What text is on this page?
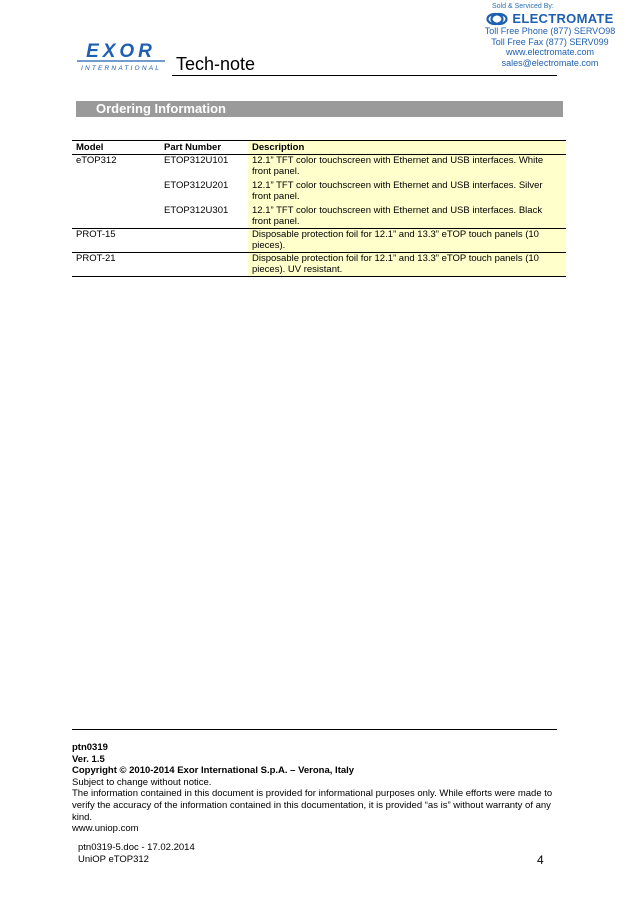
Sold & Serviced By:
ELECTROMATE
Toll Free Phone (877) SERVO98
Toll Free Fax (877) SERV099
www.electromate.com
sales@electromate.com
EXOR
INTERNATIONAL Tech-note
Ordering Information
Model	Part Number	Description
eTOP312	ETOP312U101	12.1” TFT color touchscreen with Ethernet and USB interfaces. White front panel.
	ETOP312U201	12.1” TFT color touchscreen with Ethernet and USB interfaces. Silver front panel.
	ETOP312U301	12.1” TFT color touchscreen with Ethernet and USB interfaces. Black front panel.
PROT-15		Disposable protection foil for 12.1” and 13.3” eTOP touch panels (10 pieces).
PROT-21		Disposable protection foil for 12.1” and 13.3” eTOP touch panels (10 pieces). UV resistant.
ptn0319
Ver. 1.5
Copyright © 2010-2014 Exor International S.p.A. – Verona, Italy
Subject to change without notice.
The information contained in this document is provided for informational purposes only. While efforts were made to verify the accuracy of the information contained in this documentation, it is provided “as is” without warranty of any kind.
www.uniop.com
ptn0319-5.doc - 17.02.2014
UniOP eTOP312	4
